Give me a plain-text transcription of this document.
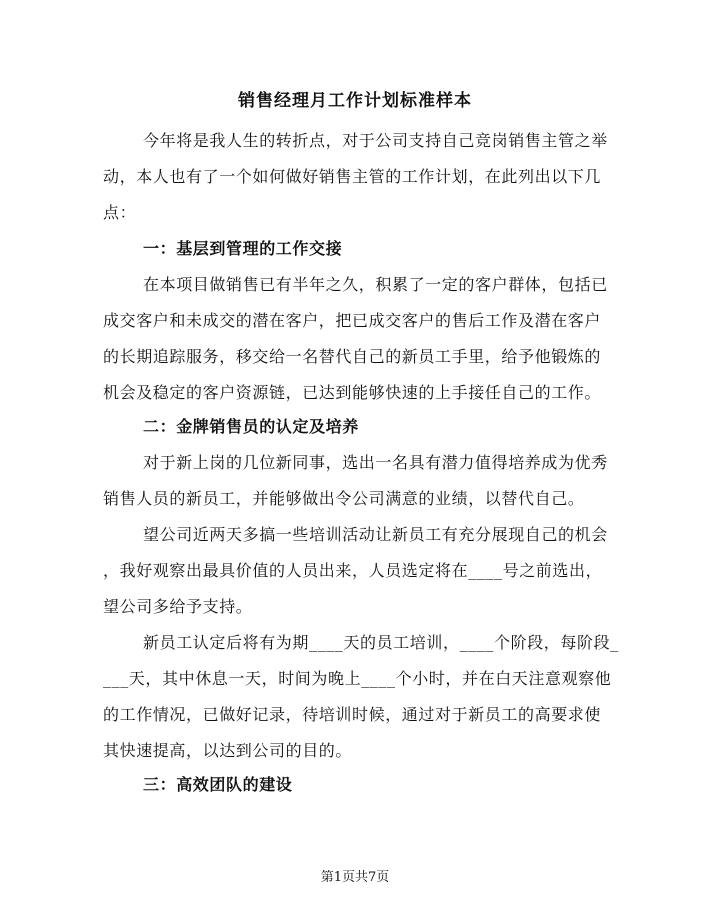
销售经理月工作计划标准样本
今年将是我人生的转折点，对于公司支持自己竞岗销售主管之举
动，本人也有了一个如何做好销售主管的工作计划，在此列出以下几
点：
一：基层到管理的工作交接
在本项目做销售已有半年之久，积累了一定的客户群体，包括已
成交客户和未成交的潜在客户，把已成交客户的售后工作及潜在客户
的长期追踪服务，移交给一名替代自己的新员工手里，给予他锻炼的
机会及稳定的客户资源链，已达到能够快速的上手接任自己的工作。
二：金牌销售员的认定及培养
对于新上岗的几位新同事，选出一名具有潜力值得培养成为优秀
销售人员的新员工，并能够做出令公司满意的业绩，以替代自己。
望公司近两天多搞一些培训活动让新员工有充分展现自己的机会
，我好观察出最具价值的人员出来，人员选定将在____号之前选出，
望公司多给予支持。
新员工认定后将有为期____天的员工培训，____个阶段，每阶段_
___天，其中休息一天，时间为晚上____个小时，并在白天注意观察他
的工作情况，已做好记录，待培训时候，通过对于新员工的高要求使
其快速提高，以达到公司的目的。
三：高效团队的建设
第1页共7页
